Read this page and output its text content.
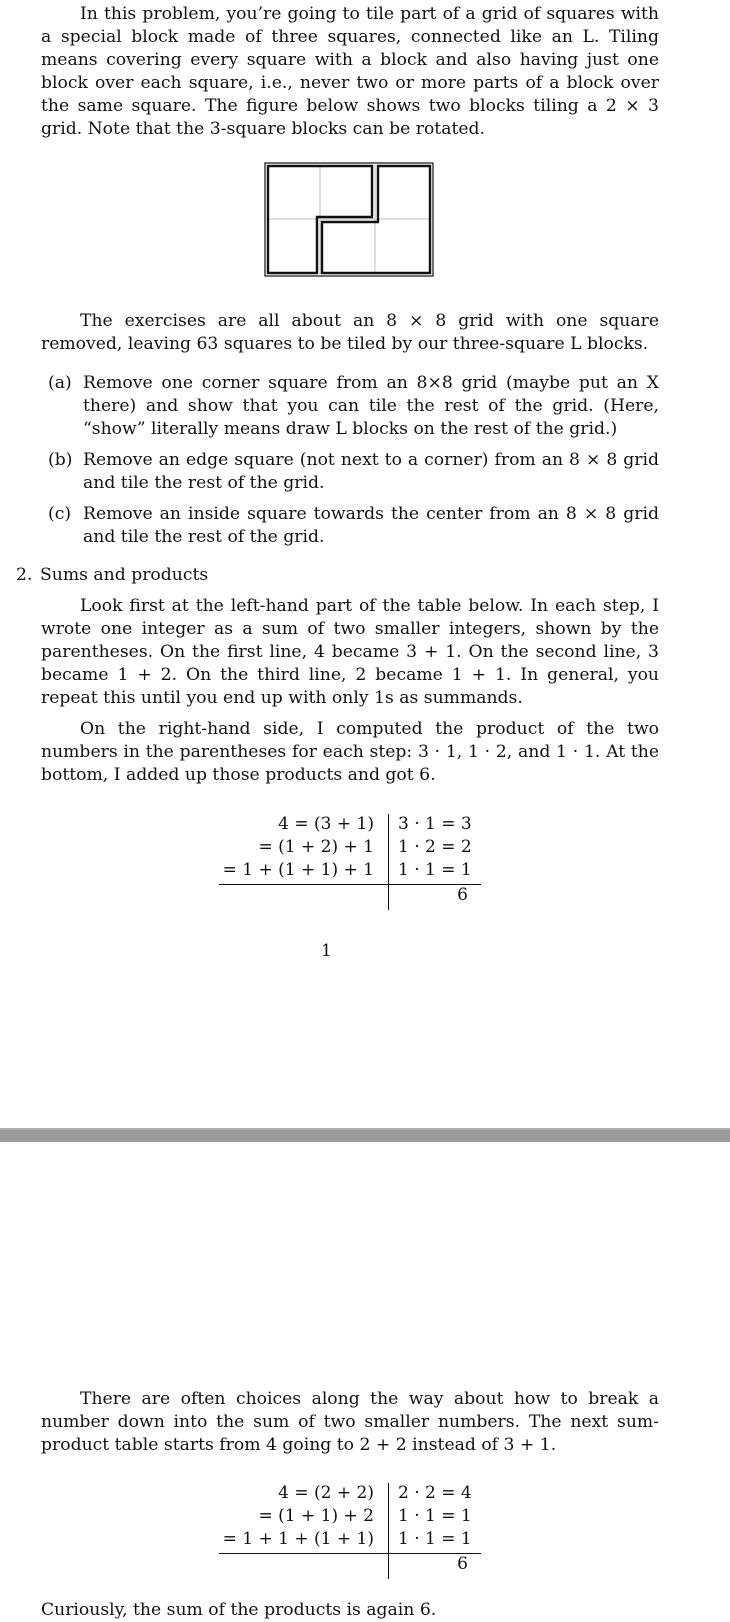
In this problem, you’re going to tile part of a grid of squares with a special block made of three squares, connected like an L. Tiling means covering every square with a block and also having just one block over each square, i.e., never two or more parts of a block over the same square. The figure below shows two blocks tiling a 2 × 3 grid. Note that the 3-square blocks can be rotated.

The exercises are all about an 8 × 8 grid with one square removed, leaving 63 squares to be tiled by our three-square L blocks.

(a) Remove one corner square from an 8×8 grid (maybe put an X there) and show that you can tile the rest of the grid. (Here, “show” literally means draw L blocks on the rest of the grid.)
(b) Remove an edge square (not next to a corner) from an 8 × 8 grid and tile the rest of the grid.
(c) Remove an inside square towards the center from an 8 × 8 grid and tile the rest of the grid.
2. Sums and products

Look first at the left-hand part of the table below. In each step, I wrote one integer as a sum of two smaller integers, shown by the parentheses. On the first line, 4 became 3 + 1. On the second line, 3 became 1 + 2. On the third line, 2 became 1 + 1. In general, you repeat this until you end up with only 1s as summands.

On the right-hand side, I computed the product of the two numbers in the parentheses for each step: 3 · 1, 1 · 2, and 1 · 1. At the bottom, I added up those products and got 6.

4 = (3 + 1) 3 · 1 = 3
= (1 + 2) + 1 1 · 2 = 2
= 1 + (1 + 1) + 1 1 · 1 = 1
6
1

There are often choices along the way about how to break a number down into the sum of two smaller numbers. The next sum-product table starts from 4 going to 2 + 2 instead of 3 + 1.

4 = (2 + 2) 2 · 2 = 4
= (1 + 1) + 2 1 · 1 = 1
= 1 + 1 + (1 + 1) 1 · 1 = 1
6

Curiously, the sum of the products is again 6.
